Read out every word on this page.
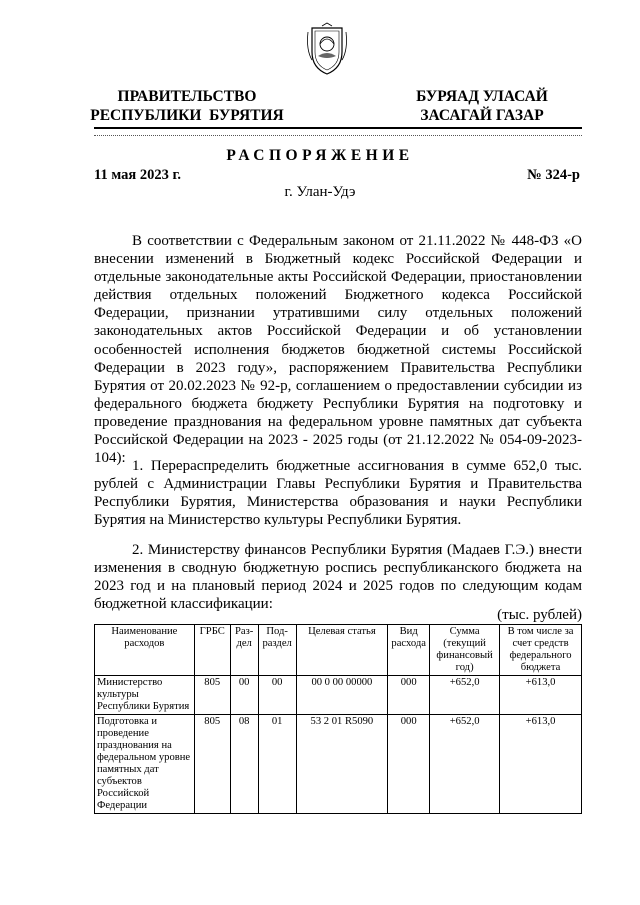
ПРАВИТЕЛЬСТВО
РЕСПУБЛИКИ  БУРЯТИЯ
БУРЯАД УЛАСАЙ
ЗАСАГАЙ ГАЗАР
РАСПОРЯЖЕНИЕ
11 мая 2023 г.	№ 324-р
г. Улан-Удэ
В соответствии с Федеральным законом от 21.11.2022 № 448-ФЗ «О внесении изменений в Бюджетный кодекс Российской Федерации и отдельные законодательные акты Российской Федерации, приостановлении действия отдельных положений Бюджетного кодекса Российской Федерации, признании утратившими силу отдельных положений законодательных актов Российской Федерации и об установлении особенностей исполнения бюджетов бюджетной системы Российской Федерации в 2023 году», распоряжением Правительства Республики Бурятия от 20.02.2023 № 92-р, соглашением о предоставлении субсидии из федерального бюджета бюджету Республики Бурятия на подготовку и проведение празднования на федеральном уровне памятных дат субъекта Российской Федерации на 2023 - 2025 годы (от 21.12.2022 № 054-09-2023-104): 1. Перераспределить бюджетные ассигнования в сумме 652,0 тыс. рублей с Администрации Главы Республики Бурятия и Правительства Республики Бурятия, Министерства образования и науки Республики Бурятия на Министерство культуры Республики Бурятия.
2. Министерству финансов Республики Бурятия (Мадаев Г.Э.) внести изменения в сводную бюджетную роспись республиканского бюджета на 2023 год и на плановый период 2024 и 2025 годов по следующим кодам бюджетной классификации:
(тыс. рублей)
Наименование расходов	ГРБС	Раз-дел	Под-раздел	Целевая статья	Вид расхода	Сумма (текущий финансовый год)	В том числе за счет средств федерального бюджета
Министерство культуры Республики Бурятия	805	00	00	00 0 00 00000	000	+652,0	+613,0
Подготовка и проведение празднования на федеральном уровне памятных дат субъектов Российской Федерации	805	08	01	53 2 01 R5090	000	+652,0	+613,0
